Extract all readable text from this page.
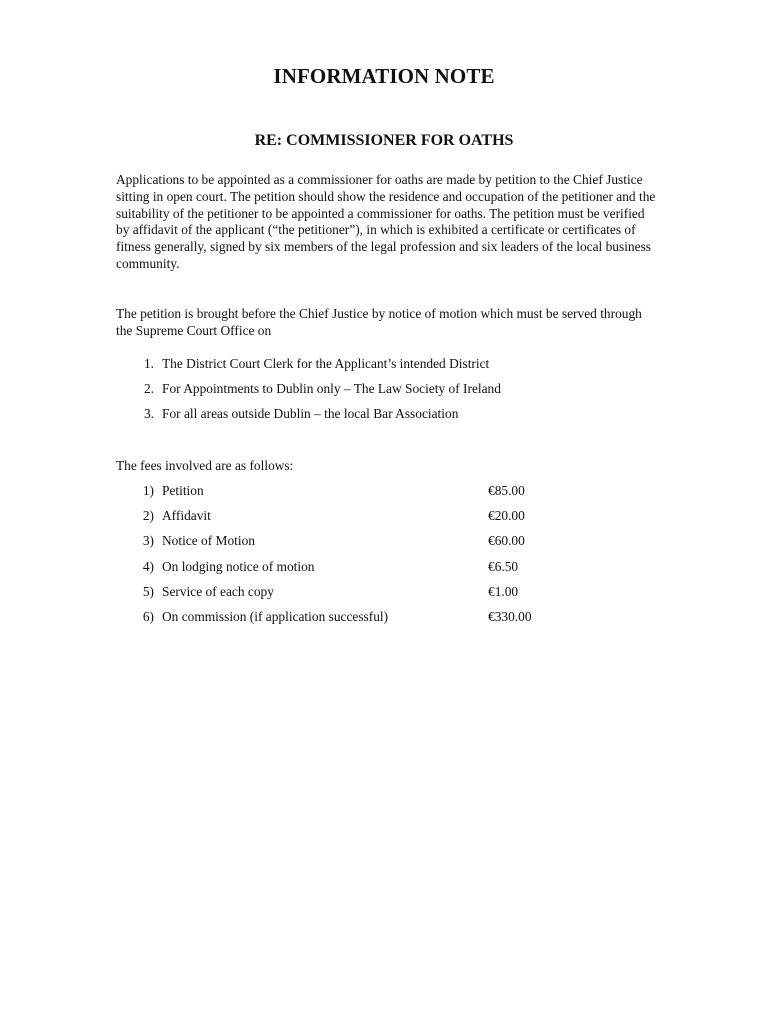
INFORMATION NOTE
RE: COMMISSIONER FOR OATHS

Applications to be appointed as a commissioner for oaths are made by petition to the Chief Justice sitting in open court. The petition should show the residence and occupation of the petitioner and the suitability of the petitioner to be appointed a commissioner for oaths. The petition must be verified by affidavit of the applicant (“the petitioner”), in which is exhibited a certificate or certificates of fitness generally, signed by six members of the legal profession and six leaders of the local business community.

The petition is brought before the Chief Justice by notice of motion which must be served through the Supreme Court Office on

1. The District Court Clerk for the Applicant’s intended District
2. For Appointments to Dublin only – The Law Society of Ireland
3. For all areas outside Dublin – the local Bar Association

The fees involved are as follows:

1) Petition	€85.00
2) Affidavit	€20.00
3) Notice of Motion	€60.00
4) On lodging notice of motion	€6.50
5) Service of each copy	€1.00
6) On commission (if application successful)	€330.00
